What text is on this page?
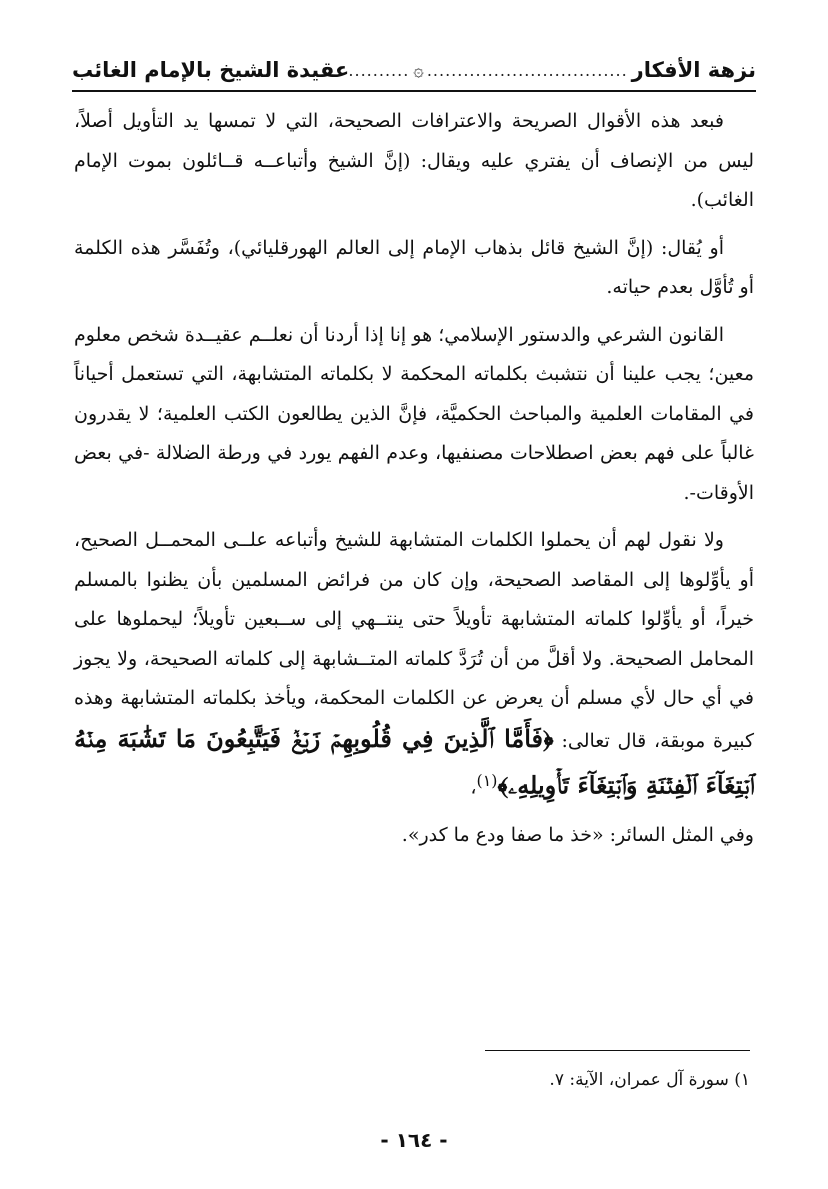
نزهة الأفكار
.....
۞
.....
عقيدة الشيخ بالإمام الغائب

فبعد هذه الأقوال الصريحة والاعترافات الصحيحة، التي لا تمسها يد التأويل أصلاً، ليس من الإنصاف أن يفتري عليه ويقال: (إنَّ الشيخ وأتباعــه قــائلون بموت الإمام الغائب).

أو يُقال: (إنَّ الشيخ قائل بذهاب الإمام إلى العالم الهورقليائي)، وتُفَسَّر هذه الكلمة أو تُأوَّل بعدم حياته.

القانون الشرعي والدستور الإسلامي؛ هو إنا إذا أردنا أن نعلــم عقيــدة شخص معلوم معين؛ يجب علينا أن نتشبث بكلماته المحكمة لا بكلماته المتشابهة، التي تستعمل أحياناً في المقامات العلمية والمباحث الحكميَّة، فإنَّ الذين يطالعون الكتب العلمية؛ لا يقدرون غالباً على فهم بعض اصطلاحات مصنفيها، وعدم الفهم يورد في ورطة الضلالة -في بعض الأوقات-.

ولا نقول لهم أن يحملوا الكلمات المتشابهة للشيخ وأتباعه علــى المحمــل الصحيح، أو يأوِّلوها إلى المقاصد الصحيحة، وإن كان من فرائض المسلمين بأن يظنوا بالمسلم خيراً، أو يأوِّلوا كلماته المتشابهة تأويلاً حتى ينتــهي إلى ســبعين تأويلاً؛ ليحملوها على المحامل الصحيحة. ولا أقلَّ من أن تُرَدَّ كلماته المتــشابهة إلى كلماته الصحيحة، ولا يجوز في أي حال لأي مسلم أن يعرض عن الكلمات المحكمة، ويأخذ بكلماته المتشابهة وهذه كبيرة موبقة، قال تعالى: ﴿فَأَمَّا ٱلَّذِينَ فِي قُلُوبِهِمۡ زَيۡغٞ فَيَتَّبِعُونَ مَا تَشَٰبَهَ مِنۡهُ ٱبۡتِغَآءَ ٱلۡفِتۡنَةِ وَٱبۡتِغَآءَ تَأۡوِيلِهِۦ﴾$^{(١)}$،

وفي المثل السائر: «خذ ما صفا ودع ما كدر».

١) سورة آل عمران، الآية: ٧.
- ١٦٤ -
